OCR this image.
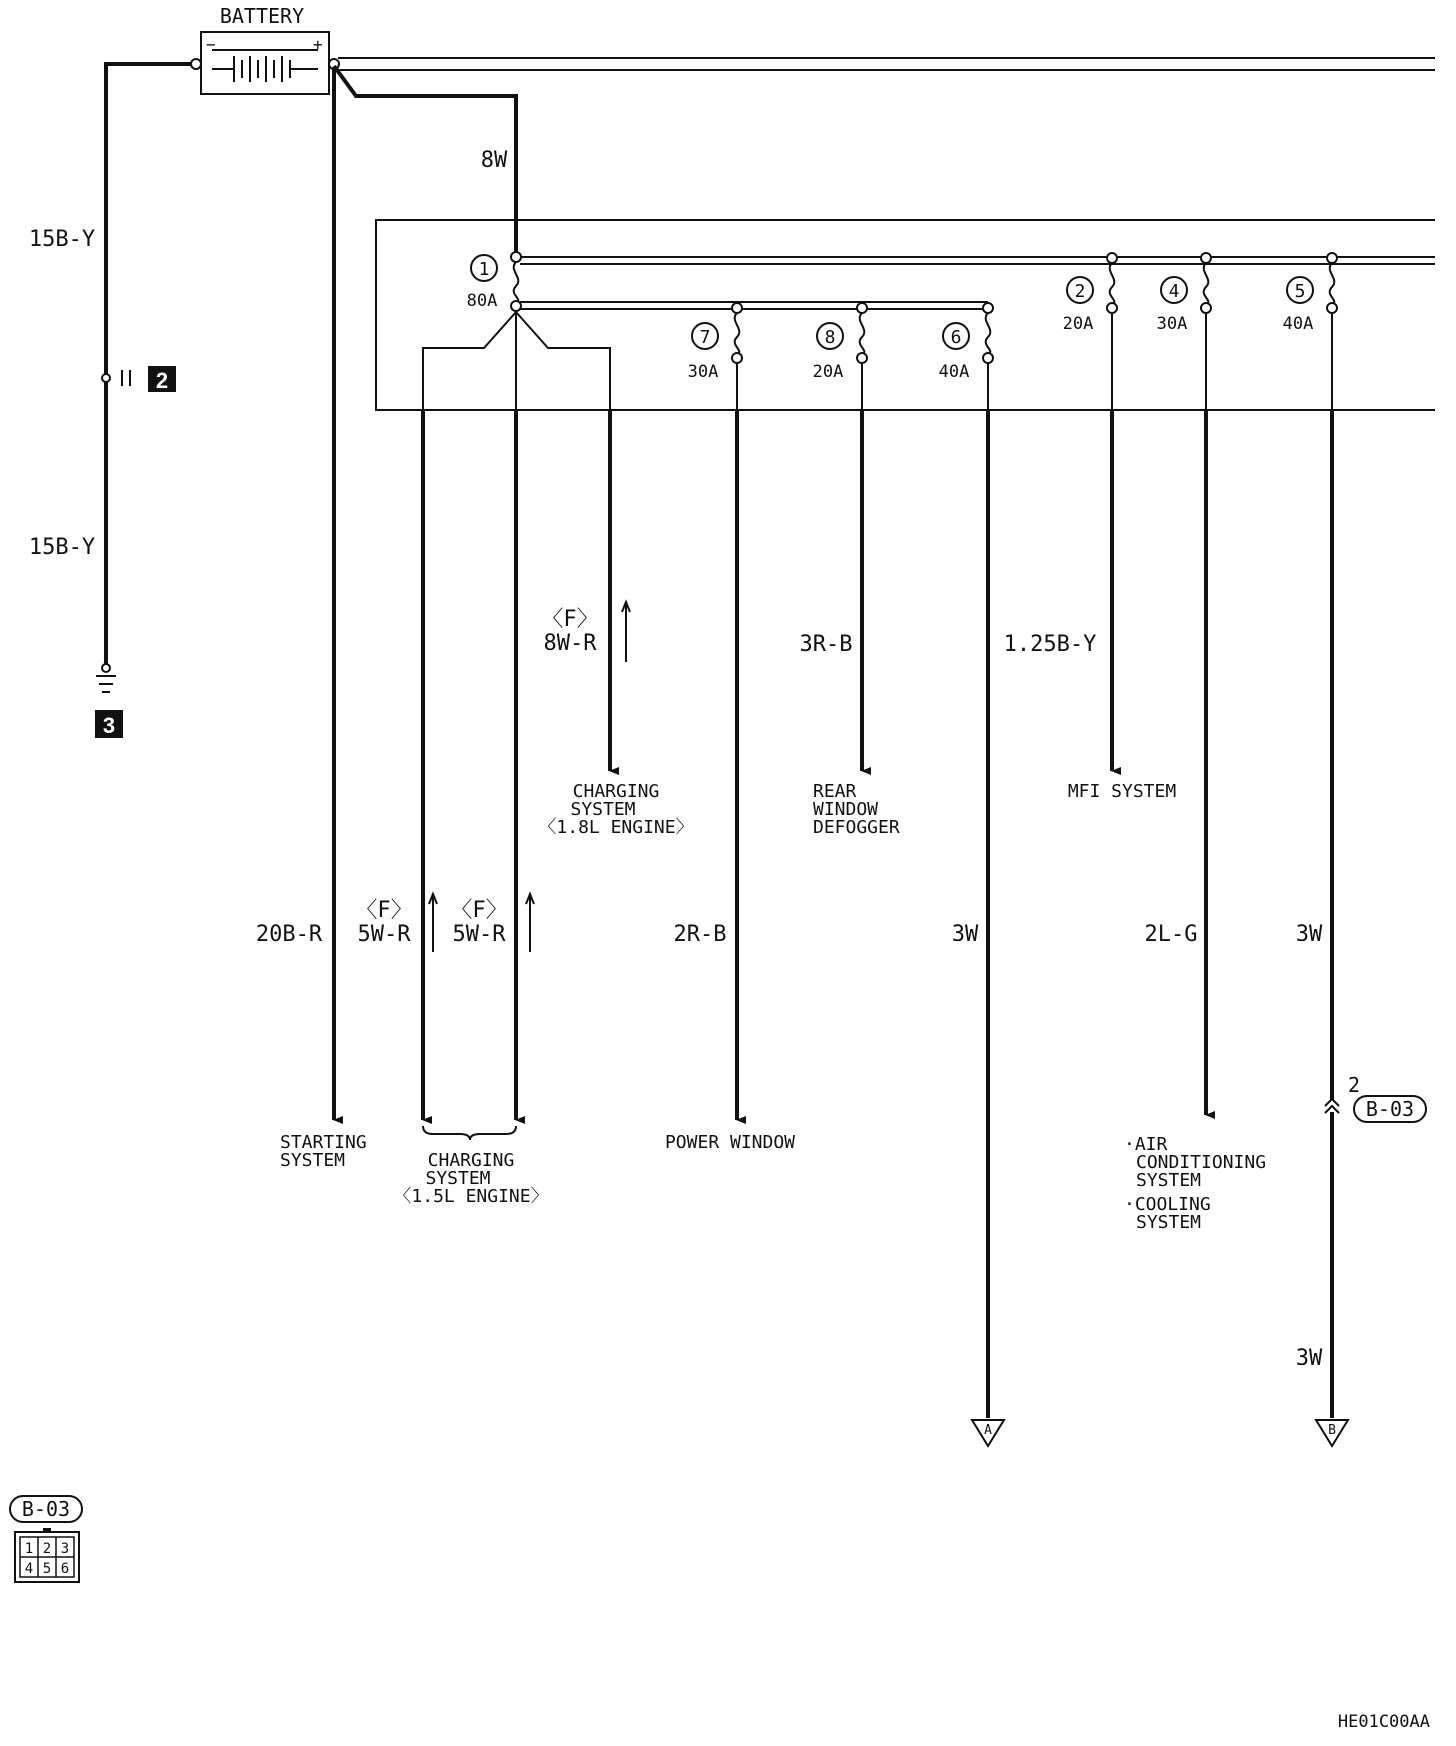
BATTERY
−	+
15B-Y
15B-Y
2
3
8W
1
80A	2
20A
4
30A
5
40A
7
30A
8
20A
6
40A
〈F〉
8W-R	3R-B	1.25B-Y
20B-R
〈F〉
5W-R
〈F〉
5W-R	2R-B	3W	2L-G	3W
3W
CHARGING
SYSTEM
〈1.8L ENGINE〉
REAR
WINDOW
DEFOGGER
MFI SYSTEM
STARTING
SYSTEM	CHARGING
SYSTEM
〈1.5L ENGINE〉
POWER WINDOW	·AIR
CONDITIONING
SYSTEM
·COOLING
SYSTEM
2
B-03
A	B
B-03
1 2 3
4 5 6
HE01C00AA
